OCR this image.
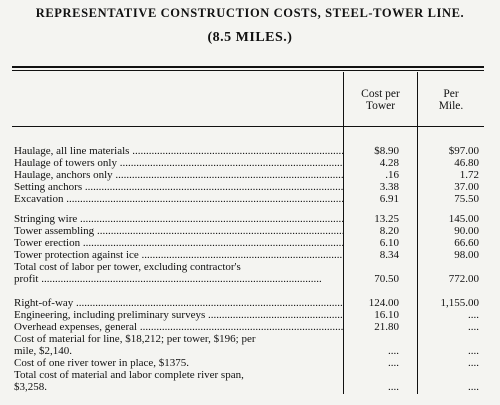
REPRESENTATIVE CONSTRUCTION COSTS, STEEL-TOWER LINE.
(8.5 MILES.)
Cost per
Tower
Per
Mile.
Haulage, all line materials .....	$8.90	$97.00
Haulage of towers only .....	4.28	46.80
Haulage, anchors only .....	.16	1.72
Setting anchors .....	3.38	37.00
Excavation .....	6.91	75.50
Stringing wire .....	13.25	145.00
Tower assembling .....	8.20	90.00
Tower erection .....	6.10	66.60
Tower protection against ice .....	8.34	98.00
Total cost of labor per tower, excluding contractor's
profit .....	70.50	772.00
Right-of-way .....	124.00	1,155.00
Engineering, including preliminary surveys .....	16.10	....
Overhead expenses, general .....	21.80	....
Cost of material for line, $18,212; per tower, $196; per
mile, $2,140.	....	....
Cost of one river tower in place, $1375.	....	....
Total cost of material and labor complete river span,
$3,258.	....	....
